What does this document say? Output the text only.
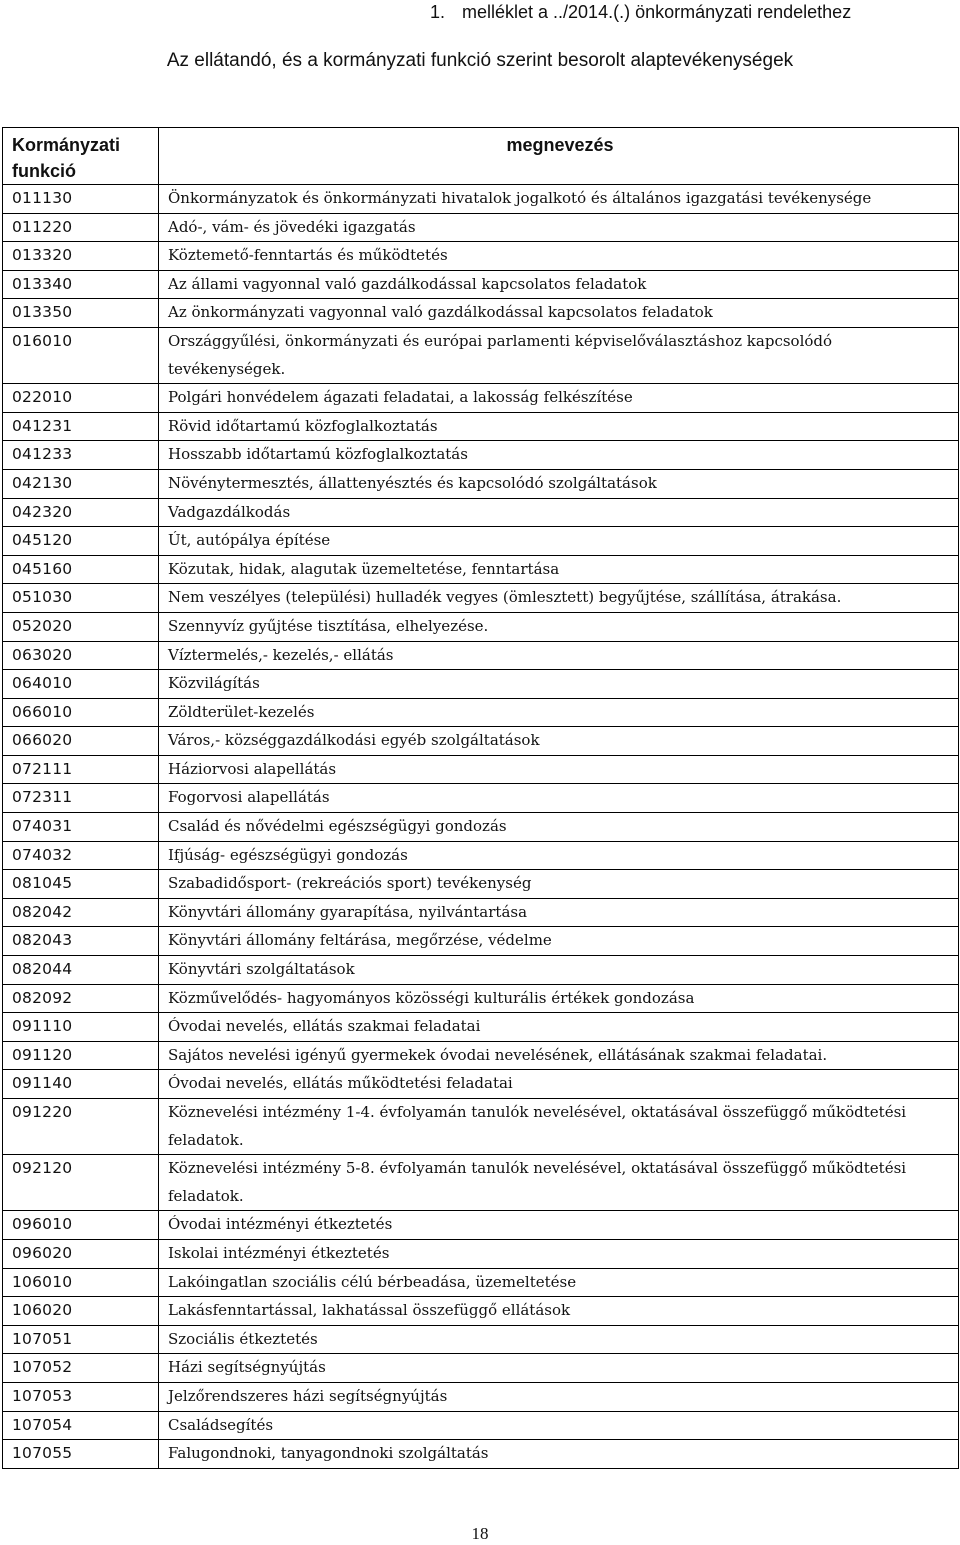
1. melléklet a ../2014.(.) önkormányzati rendelethez
Az ellátandó, és a kormányzati funkció szerint besorolt alaptevékenységek
Kormányzati funkció	megnevezés
011130	Önkormányzatok és önkormányzati hivatalok jogalkotó és általános igazgatási tevékenysége
011220	Adó-, vám- és jövedéki igazgatás
013320	Köztemető-fenntartás és működtetés
013340	Az állami vagyonnal való gazdálkodással kapcsolatos feladatok
013350	Az önkormányzati vagyonnal való gazdálkodással kapcsolatos feladatok
016010	Országgyűlési, önkormányzati és európai parlamenti képviselőválasztáshoz kapcsolódó tevékenységek.
022010	Polgári honvédelem ágazati feladatai, a lakosság felkészítése
041231	Rövid időtartamú közfoglalkoztatás
041233	Hosszabb időtartamú közfoglalkoztatás
042130	Növénytermesztés, állattenyésztés és kapcsolódó szolgáltatások
042320	Vadgazdálkodás
045120	Út, autópálya építése
045160	Közutak, hidak, alagutak üzemeltetése, fenntartása
051030	Nem veszélyes (települési) hulladék vegyes (ömlesztett) begyűjtése, szállítása, átrakása.
052020	Szennyvíz gyűjtése tisztítása, elhelyezése.
063020	Víztermelés,- kezelés,- ellátás
064010	Közvilágítás
066010	Zöldterület-kezelés
066020	Város,- községgazdálkodási egyéb szolgáltatások
072111	Háziorvosi alapellátás
072311	Fogorvosi alapellátás
074031	Család és nővédelmi egészségügyi gondozás
074032	Ifjúság- egészségügyi gondozás
081045	Szabadidősport- (rekreációs sport) tevékenység
082042	Könyvtári állomány gyarapítása, nyilvántartása
082043	Könyvtári állomány feltárása, megőrzése, védelme
082044	Könyvtári szolgáltatások
082092	Közművelődés- hagyományos közösségi kulturális értékek gondozása
091110	Óvodai nevelés, ellátás szakmai feladatai
091120	Sajátos nevelési igényű gyermekek óvodai nevelésének, ellátásának szakmai feladatai.
091140	Óvodai nevelés, ellátás működtetési feladatai
091220	Köznevelési intézmény 1-4. évfolyamán tanulók nevelésével, oktatásával összefüggő működtetési feladatok.
092120	Köznevelési intézmény 5-8. évfolyamán tanulók nevelésével, oktatásával összefüggő működtetési feladatok.
096010	Óvodai intézményi étkeztetés
096020	Iskolai intézményi étkeztetés
106010	Lakóingatlan szociális célú bérbeadása, üzemeltetése
106020	Lakásfenntartással, lakhatással összefüggő ellátások
107051	Szociális étkeztetés
107052	Házi segítségnyújtás
107053	Jelzőrendszeres házi segítségnyújtás
107054	Családsegítés
107055	Falugondnoki, tanyagondnoki szolgáltatás
18
